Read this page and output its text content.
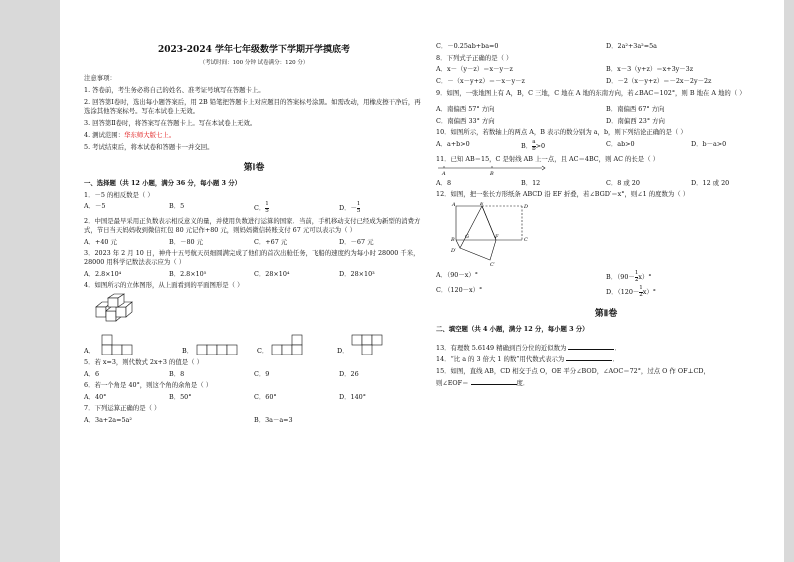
2023-2024 学年七年级数学下学期开学摸底考
（考试时间：100 分钟 试卷满分：120 分）

注意事项：

1. 答卷前，考生务必将自己的姓名、准考证号填写在答题卡上。

2. 回答第Ⅰ卷时，选出每小题答案后，用 2B 铅笔把答题卡上对应题目的答案标号涂黑。如需改动，用橡皮擦干净后，再选涂其他答案标号。写在本试卷上无效。

3. 回答第Ⅱ卷时，将答案写在答题卡上。写在本试卷上无效。

4. 测试范围：华东师大版七上。

5. 考试结束后，将本试卷和答题卡一并交回。

第Ⅰ卷
一、选择题（共 12 小题，满分 36 分，每小题 3 分）
1．－5 的相反数是（ ）
A．－5	B．5	C． $\frac{1}{5}$	D．－ $\frac{1}{5}$
2．中国是最早采用正负数表示相反意义的量，并使用负数进行运算的国家．当前，手机移动支付已经成为新型的消费方式，节日当天妈妈收到微信红包 80 元记作+80 元，则妈妈微信转账支付 67 元可以表示为（ ）
A．+40 元	B．－80 元	C．+67 元	D．－67 元
3．2023 年 2 月 10 日，神舟十五号航天员细圆满完成了他们的首次出舱任务，飞船的速度约为每小时 28000 千米，28000 用科学记数法表示应为（ ）
A．2.8×10⁴	B．2.8×10⁵	C．28×10⁴	D．28×10³
4．如图所示的立体图形，从上面看到的平面图形是（ ）
A．	B．	C．	D．
5．若 x=3，则代数式 2x+3 的值是（ ）
A．6	B．8	C．9	D．26
6．若一个角是 40°，则这个角的余角是（ ）
A．40°	B．50°	C．60°	D．140°
7．下列运算正确的是（ ）
A．3a+2a=5a²	B．3a－a=3
C．－0.25ab+ba=0	D．2a²+3a²=5a
8．下列式子正确的是（ ）
A．x－（y－z）＝x－y－z	B．x－3（y+z）＝x+3y－3z
C．－（x－y+z）＝－x－y－z	D．－2（x－y+z）＝－2x－2y－2z
9．如图，一张地图上有 A，B，C 三地，C 地在 A 地的东南方向，若∠BAC＝102°，则 B 地在 A 地的（ ）
A．南偏西 57° 方向	B．南偏西 67° 方向
C．南偏西 33° 方向	D．南偏西 23° 方向
10．如图所示，若数轴上的两点 A，B 表示的数分别为 a，b，则下列结论正确的是（ ）
A．a+b>0	B． $\frac{a}{b} >0$	C．ab>0	D．b－a>0
11．已知 AB＝15，C 是射线 AB 上一点，且 AC＝4BC，则 AC 的长是（ ）
A	B
A．8	B．12	C．8 或 20	D．12 或 20
12．如图，把一张长方形纸条 ABCD 沿 EF 折叠，若∠BGD′＝x°，则∠1 的度数为（ ）
A	E	D
G
B	F	C
D′
C′
A．（90－x）°	B．$(90- \frac{1}{2} x)^\circ$
C．（120－x）°	D．$(120- \frac{1}{2} x)^\circ$
第Ⅱ卷
二、填空题（共 4 小题，满分 12 分，每小题 3 分）
13．有理数 5.6149 精确到百分位的近似数为	．
14．“比 a 的 3 倍大 1 的数”用代数式表示为	．
15．如图，直线 AB，CD 相交于点 O，OE 平分∠BOD，∠AOC＝72°，过点 O 作 OF⊥CD，
则∠EOF＝	度．
